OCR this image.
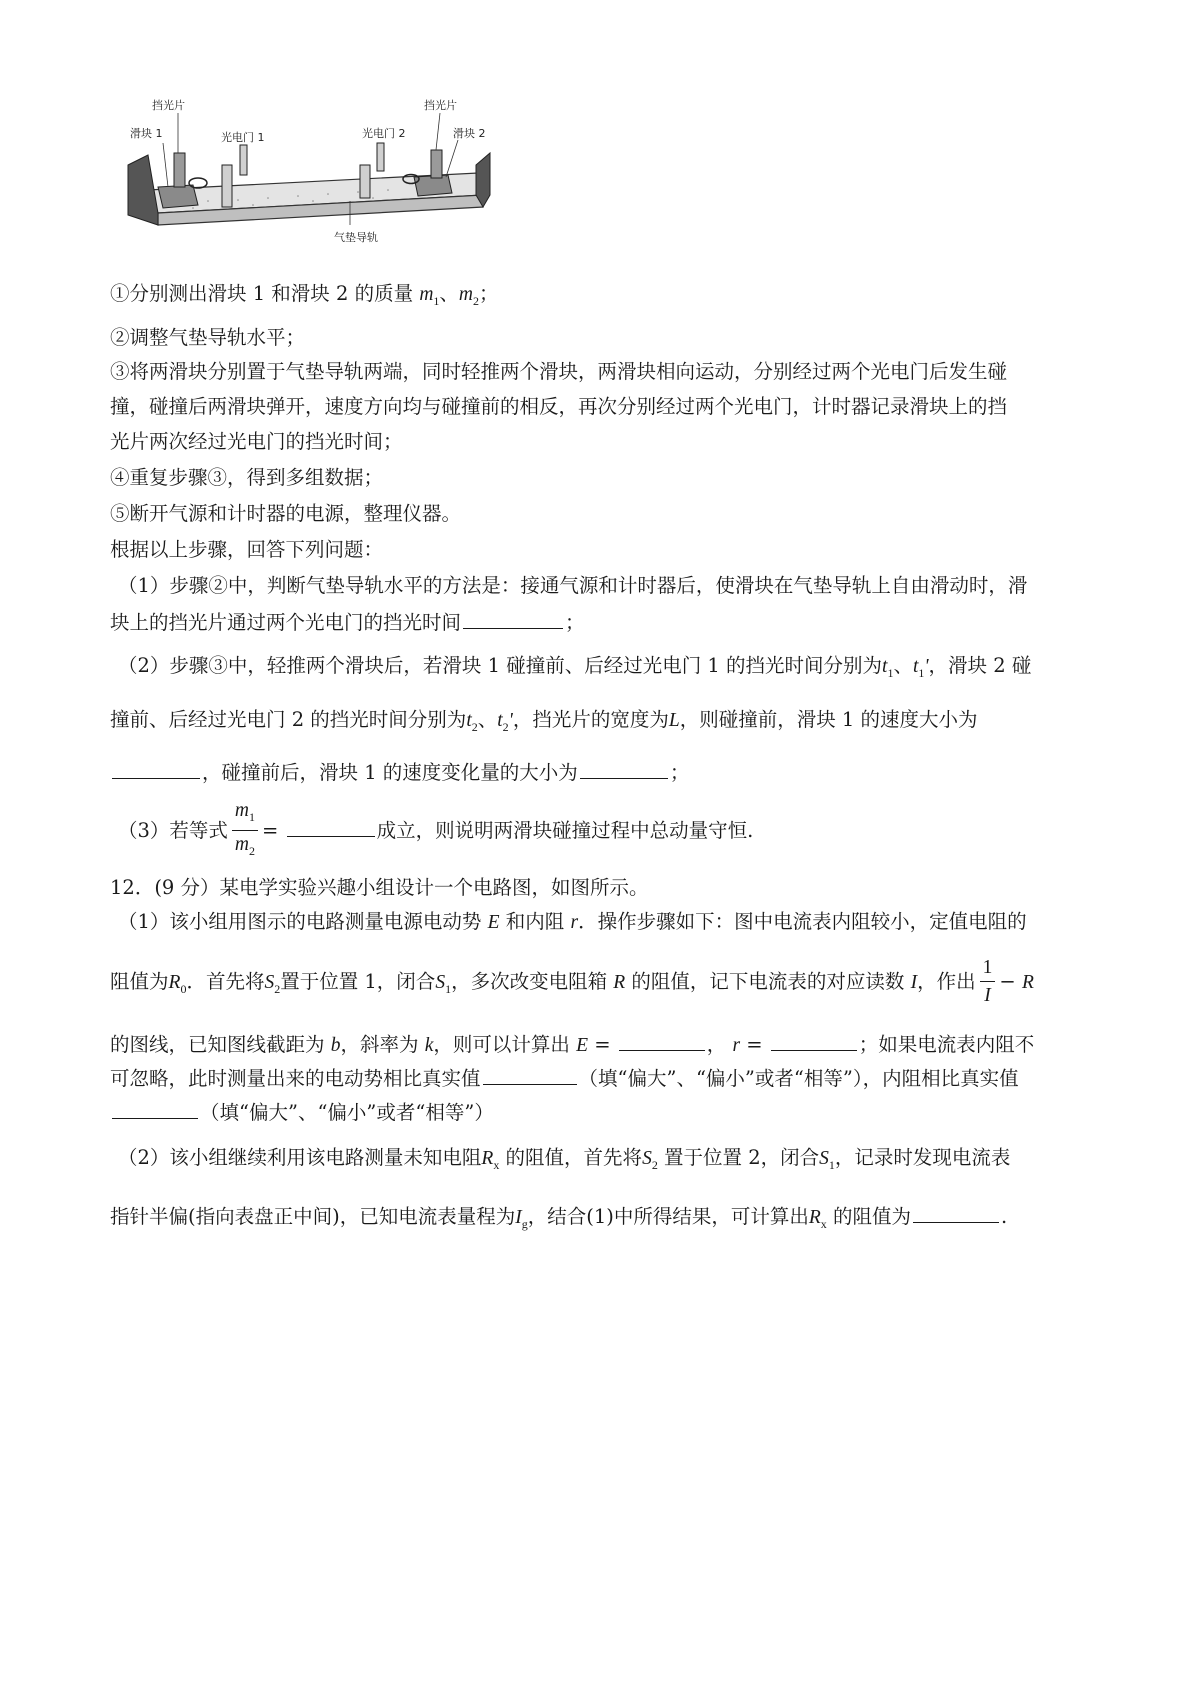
挡光片
滑块 1	光电门 1	光电门 2
挡光片
滑块 2
气垫导轨
①分别测出滑块 1 和滑块 2 的质量 $m_1$、$m_2$；
②调整气垫导轨水平；
③将两滑块分别置于气垫导轨两端，同时轻推两个滑块，两滑块相向运动，分别经过两个光电门后发生碰
撞，碰撞后两滑块弹开，速度方向均与碰撞前的相反，再次分别经过两个光电门，计时器记录滑块上的挡
光片两次经过光电门的挡光时间；
④重复步骤③，得到多组数据；
⑤断开气源和计时器的电源，整理仪器。
根据以上步骤，回答下列问题：
（1）步骤②中，判断气垫导轨水平的方法是：接通气源和计时器后，使滑块在气垫导轨上自由滑动时，滑
块上的挡光片通过两个光电门的挡光时间	；
（2）步骤③中，轻推两个滑块后，若滑块 1 碰撞前、后经过光电门 1 的挡光时间分别为$t_1$、$t_1'$，滑块 2 碰
撞前、后经过光电门 2 的挡光时间分别为$t_2$、$t_2'$，挡光片的宽度为L，则碰撞前，滑块 1 的速度大小为
，碰撞前后，滑块 1 的速度变化量的大小为	；
（3）若等式 $\frac{m_1}{m_2}$ =	成立，则说明两滑块碰撞过程中总动量守恒.
12．(9 分）某电学实验兴趣小组设计一个电路图，如图所示。
（1）该小组用图示的电路测量电源电动势 E 和内阻 r．操作步骤如下：图中电流表内阻较小，定值电阻的
阻值为$R_0$．首先将$S_2$置于位置 1，闭合$S_1$，多次改变电阻箱 R 的阻值，记下电流表的对应读数 I，作出 $\frac{1}{I} - R$
的图线，已知图线截距为 b，斜率为 k，则可以计算出 E =	， r =	；如果电流表内阻不
可忽略，此时测量出来的电动势相比真实值	（填“偏大”、“偏小”或者“相等”），内阻相比真实值
（填“偏大”、“偏小”或者“相等”）
（2）该小组继续利用该电路测量未知电阻$R_x$ 的阻值，首先将$S_2$ 置于位置 2，闭合$S_1$，记录时发现电流表
指针半偏(指向表盘正中间)，已知电流表量程为$I_g$，结合(1)中所得结果，可计算出$R_x$ 的阻值为	.
